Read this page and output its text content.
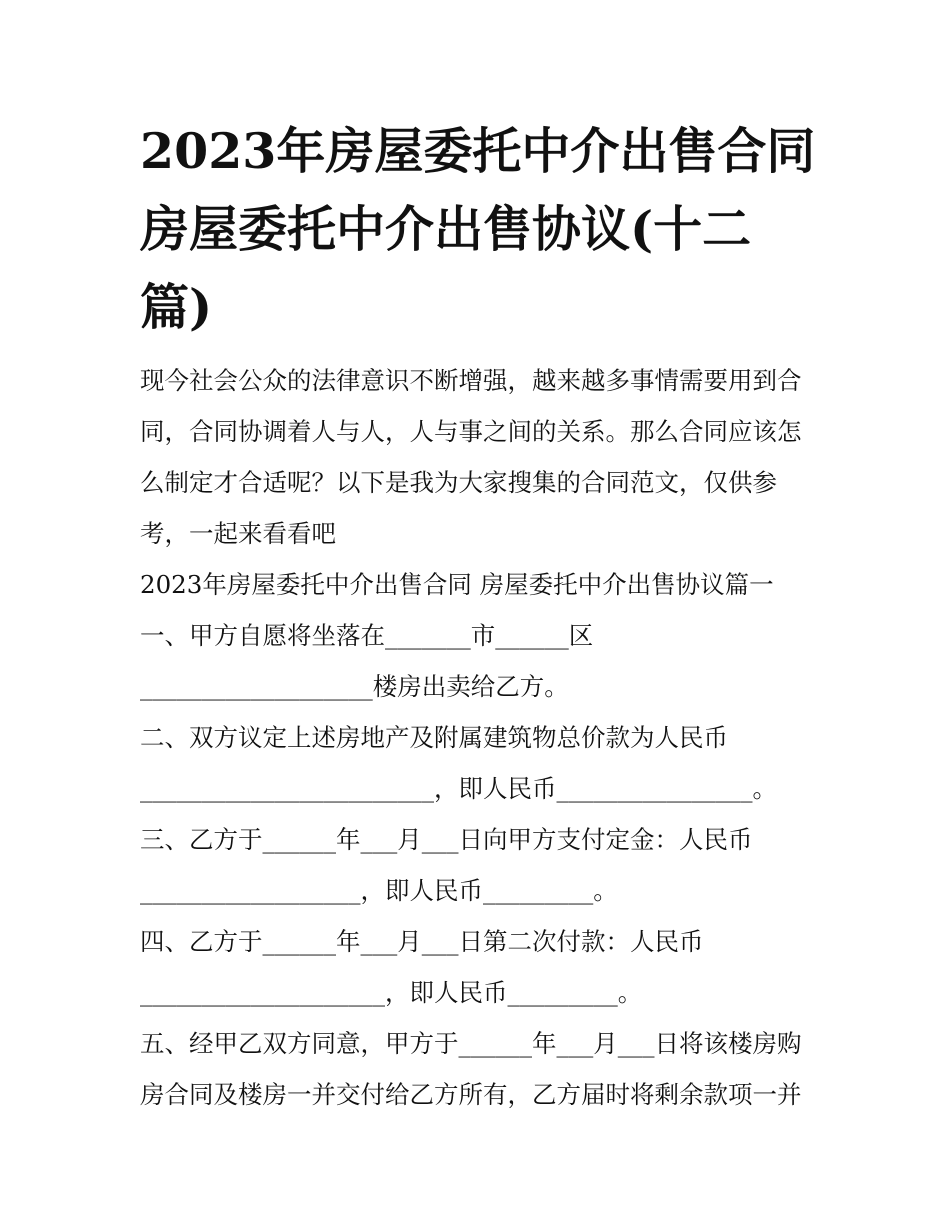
2023年房屋委托中介出售合同
房屋委托中介出售协议(十二
篇)
现今社会公众的法律意识不断增强，越来越多事情需要用到合
同，合同协调着人与人，人与事之间的关系。那么合同应该怎
么制定才合适呢？以下是我为大家搜集的合同范文，仅供参
考，一起来看看吧
2023年房屋委托中介出售合同 房屋委托中介出售协议篇一
一、甲方自愿将坐落在_______市______区
___________________楼房出卖给乙方。
二、双方议定上述房地产及附属建筑物总价款为人民币
________________________，即人民币________________。
三、乙方于______年___月___日向甲方支付定金：人民币
__________________，即人民币_________。
四、乙方于______年___月___日第二次付款：人民币
____________________，即人民币_________。
五、经甲乙双方同意，甲方于______年___月___日将该楼房购
房合同及楼房一并交付给乙方所有，乙方届时将剩余款项一并
